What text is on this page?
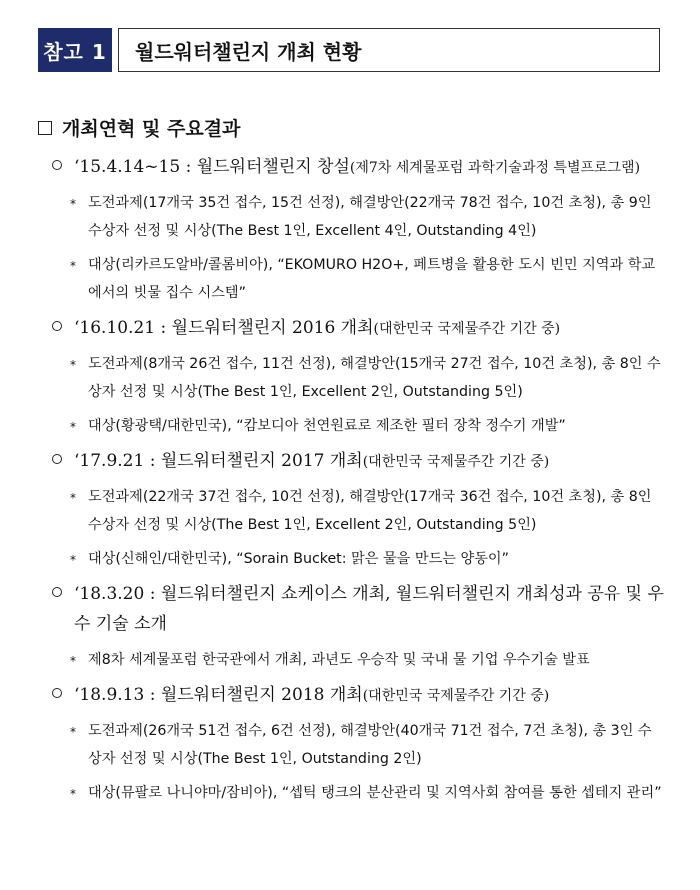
참고 1	월드워터챌린지 개최 현황
개최연혁 및 주요결과
‘15.4.14~15 : 월드워터챌린지 창설(제7차 세계물포럼 과학기술과정 특별프로그램)
* 도전과제(17개국 35건 접수, 15건 선정), 해결방안(22개국 78건 접수, 10건 초청), 총 9인 수상자 선정 및 시상(The Best 1인, Excellent 4인, Outstanding 4인)
* 대상(리카르도알바/콜롬비아), “EKOMURO H2O+, 페트병을 활용한 도시 빈민 지역과 학교에서의 빗물 집수 시스템”
‘16.10.21 : 월드워터챌린지 2016 개최(대한민국 국제물주간 기간 중)
* 도전과제(8개국 26건 접수, 11건 선정), 해결방안(15개국 27건 접수, 10건 초청), 총 8인 수상자 선정 및 시상(The Best 1인, Excellent 2인, Outstanding 5인)
* 대상(황광택/대한민국), “캄보디아 천연원료로 제조한 필터 장착 정수기 개발”
‘17.9.21 : 월드워터챌린지 2017 개최(대한민국 국제물주간 기간 중)
* 도전과제(22개국 37건 접수, 10건 선정), 해결방안(17개국 36건 접수, 10건 초청), 총 8인 수상자 선정 및 시상(The Best 1인, Excellent 2인, Outstanding 5인)
* 대상(신해인/대한민국), “Sorain Bucket: 맑은 물을 만드는 양동이”
‘18.3.20 : 월드워터챌린지 쇼케이스 개최, 월드워터챌린지 개최성과 공유 및 우수 기술 소개
* 제8차 세계물포럼 한국관에서 개최, 과년도 우승작 및 국내 물 기업 우수기술 발표
‘18.9.13 : 월드워터챌린지 2018 개최(대한민국 국제물주간 기간 중)
* 도전과제(26개국 51건 접수, 6건 선정), 해결방안(40개국 71건 접수, 7건 초청), 총 3인 수상자 선정 및 시상(The Best 1인, Outstanding 2인)
* 대상(뮤팔로 나니야마/잠비아), “셉틱 탱크의 분산관리 및 지역사회 참여를 통한 셉테지 관리”
